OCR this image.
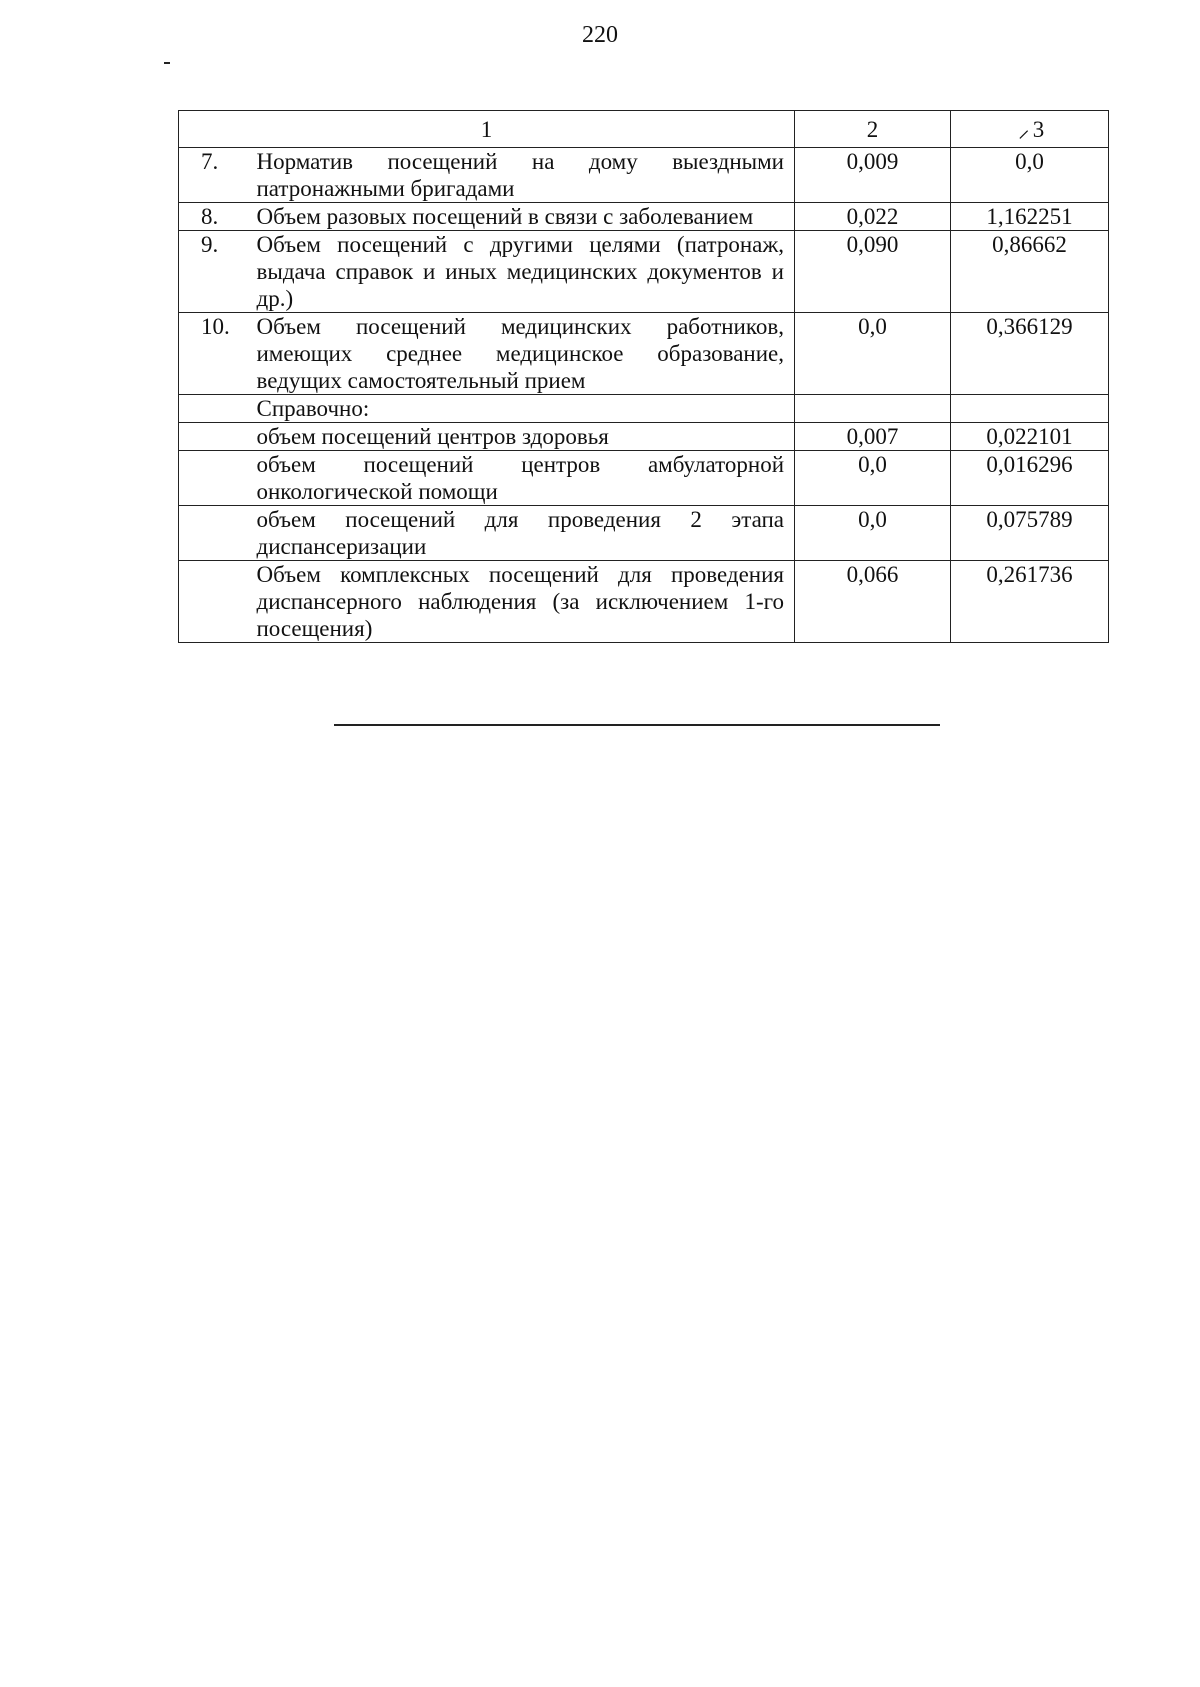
220
1		2	⸝ 3
7.	Норматив посещений на дому выездными патронажными бригадами	0,009	0,0
8.	Объем разовых посещений в связи с заболеванием	0,022	1,162251
9.	Объем посещений с другими целями (патронаж, выдача справок и иных медицинских документов и др.)	0,090	0,86662
10.	Объем посещений медицинских работников, имеющих среднее медицинское образование, ведущих самостоятельный прием	0,0	0,366129

	Справочно:		

	объем посещений центров здоровья	0,007	0,022101

	объем посещений центров амбулаторной онкологической помощи	0,0	0,016296

	объем посещений для проведения 2 этапа диспансеризации	0,0	0,075789

	Объем комплексных посещений для проведения диспансерного наблюдения (за исключением 1-го посещения)	0,066	0,261736
